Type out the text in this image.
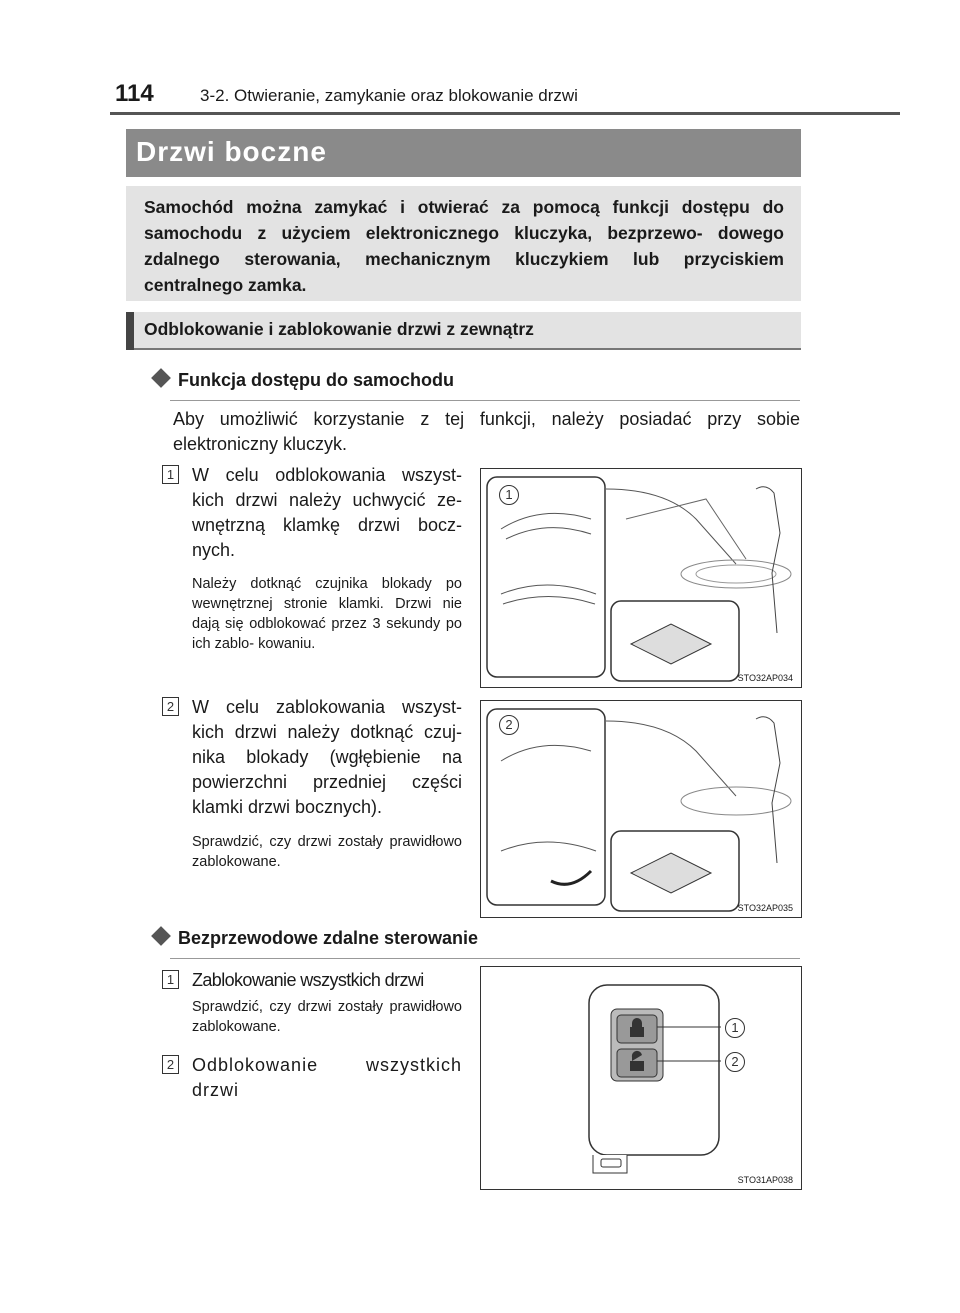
114	3-2. Otwieranie, zamykanie oraz blokowanie drzwi
Drzwi boczne

Samochód można zamykać i otwierać za pomocą funkcji dostępu do samochodu z użyciem elektronicznego kluczyka, bezprzewo- dowego zdalnego sterowania, mechanicznym kluczykiem lub przyciskiem centralnego zamka.

Odblokowanie i zablokowanie drzwi z zewnątrz
Funkcja dostępu do samochodu
Aby umożliwić korzystanie z tej funkcji, należy posiadać przy sobie elektroniczny kluczyk.
1 W celu odblokowania wszyst- kich drzwi należy uchwycić ze- wnętrzną klamkę drzwi bocz- nych.
Należy dotknąć czujnika blokady po wewnętrznej stronie klamki. Drzwi nie dają się odblokować przez 3 sekundy po ich zablo- kowaniu.
1
STO32AP034
2 W celu zablokowania wszyst- kich drzwi należy dotknąć czuj- nika blokady (wgłębienie na powierzchni przedniej części klamki drzwi bocznych).
Sprawdzić, czy drzwi zostały prawidłowo zablokowane.
2
STO32AP035
Bezprzewodowe zdalne sterowanie
1 Zablokowanie wszystkich drzwi
Sprawdzić, czy drzwi zostały prawidłowo zablokowane.
2 Odblokowanie wszystkich drzwi
1
2
STO31AP038
